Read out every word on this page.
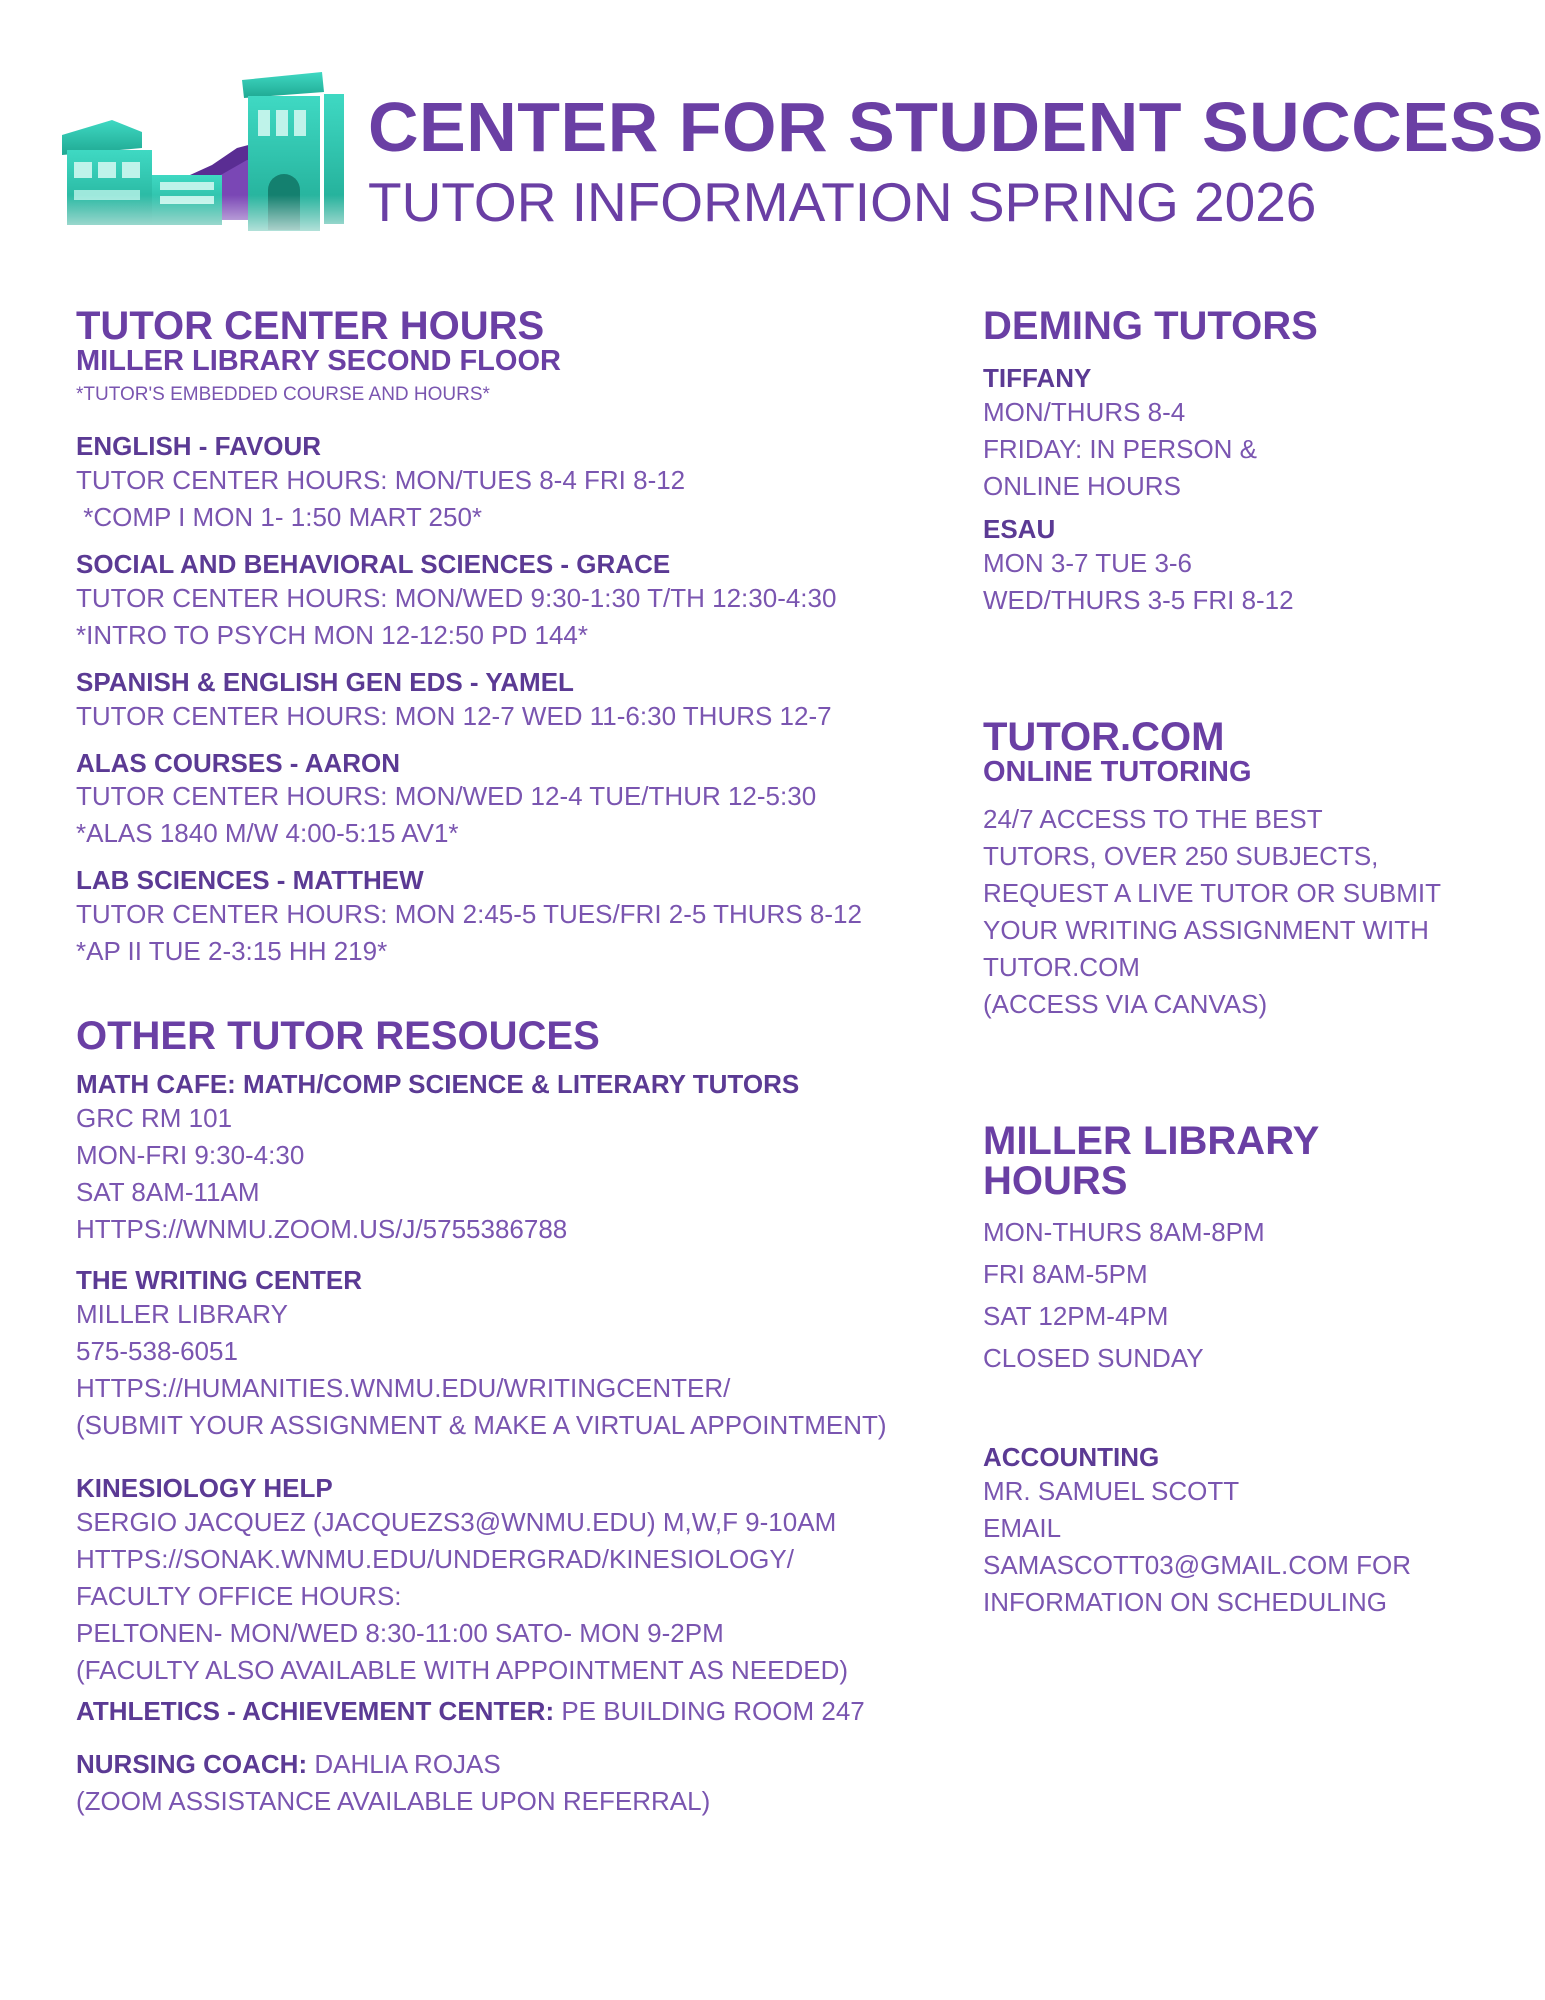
CENTER FOR STUDENT SUCCESS
TUTOR INFORMATION SPRING 2026
TUTOR CENTER HOURS
MILLER LIBRARY SECOND FLOOR
*TUTOR'S EMBEDDED COURSE AND HOURS*
ENGLISH - FAVOUR
TUTOR CENTER HOURS: MON/TUES 8-4 FRI 8-12
*COMP I MON 1- 1:50 MART 250*
SOCIAL AND BEHAVIORAL SCIENCES - GRACE
TUTOR CENTER HOURS: MON/WED 9:30-1:30 T/TH 12:30-4:30
*INTRO TO PSYCH MON 12-12:50 PD 144*
SPANISH & ENGLISH GEN EDS - YAMEL
TUTOR CENTER HOURS: MON 12-7 WED 11-6:30 THURS 12-7
ALAS COURSES - AARON
TUTOR CENTER HOURS: MON/WED 12-4 TUE/THUR 12-5:30
*ALAS 1840 M/W 4:00-5:15 AV1*
LAB SCIENCES - MATTHEW
TUTOR CENTER HOURS: MON 2:45-5 TUES/FRI 2-5 THURS 8-12
*AP II TUE 2-3:15 HH 219*
OTHER TUTOR RESOUCES
MATH CAFE: MATH/COMP SCIENCE & LITERARY TUTORS
GRC RM 101
MON-FRI 9:30-4:30
SAT 8AM-11AM
HTTPS://WNMU.ZOOM.US/J/5755386788
THE WRITING CENTER
MILLER LIBRARY
575-538-6051
HTTPS://HUMANITIES.WNMU.EDU/WRITINGCENTER/
(SUBMIT YOUR ASSIGNMENT & MAKE A VIRTUAL APPOINTMENT)
KINESIOLOGY HELP
SERGIO JACQUEZ (JACQUEZS3@WNMU.EDU) M,W,F 9-10AM
HTTPS://SONAK.WNMU.EDU/UNDERGRAD/KINESIOLOGY/
FACULTY OFFICE HOURS:
PELTONEN- MON/WED 8:30-11:00 SATO- MON 9-2PM
(FACULTY ALSO AVAILABLE WITH APPOINTMENT AS NEEDED)
ATHLETICS - ACHIEVEMENT CENTER: PE BUILDING ROOM 247
NURSING COACH: DAHLIA ROJAS
(ZOOM ASSISTANCE AVAILABLE UPON REFERRAL)
DEMING TUTORS
TIFFANY
MON/THURS 8-4
FRIDAY: IN PERSON &
ONLINE HOURS
ESAU
MON 3-7 TUE 3-6
WED/THURS 3-5 FRI 8-12
TUTOR.COM
ONLINE TUTORING
24/7 ACCESS TO THE BEST
TUTORS, OVER 250 SUBJECTS,
REQUEST A LIVE TUTOR OR SUBMIT
YOUR WRITING ASSIGNMENT WITH
TUTOR.COM
(ACCESS VIA CANVAS)
MILLER LIBRARY
HOURS
MON-THURS 8AM-8PM
FRI 8AM-5PM
SAT 12PM-4PM
CLOSED SUNDAY
ACCOUNTING
MR. SAMUEL SCOTT
EMAIL
SAMASCOTT03@GMAIL.COM FOR
INFORMATION ON SCHEDULING
